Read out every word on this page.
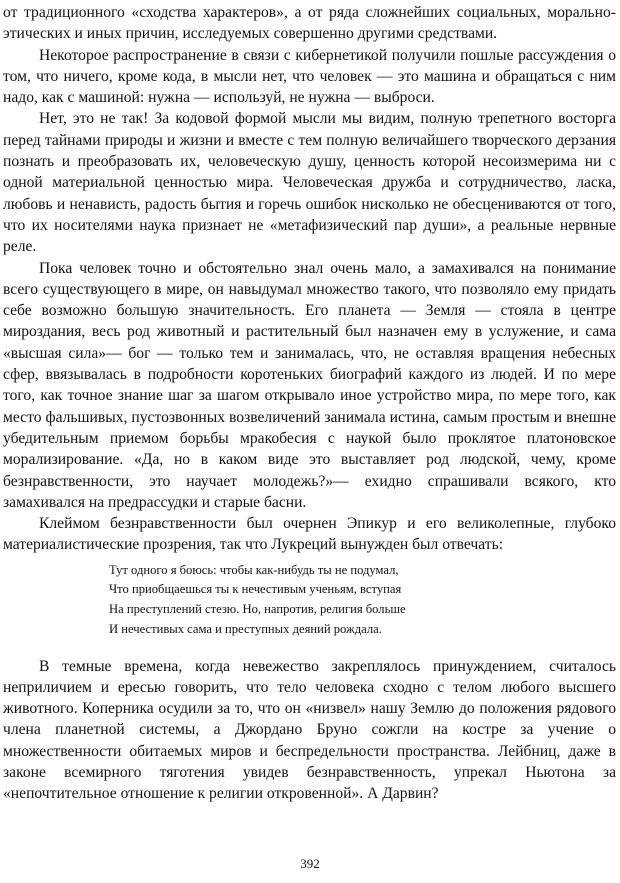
от традиционного «сходства характеров», а от ряда сложнейших социальных, морально-этических и иных причин, исследуемых совершенно другими средствами.

Некоторое распространение в связи с кибернетикой получили пошлые рассуждения о том, что ничего, кроме кода, в мысли нет, что человек — это машина и обращаться с ним надо, как с машиной: нужна — используй, не нужна — выброси.

Нет, это не так! За кодовой формой мысли мы видим, полную трепетного восторга перед тайнами природы и жизни и вместе с тем полную величайшего творческого дерзания познать и преобразовать их, человеческую душу, ценность которой несоизмерима ни с одной материальной ценностью мира. Человеческая дружба и сотрудничество, ласка, любовь и ненависть, радость бытия и горечь ошибок нисколько не обесцениваются от того, что их носителями наука признает не «метафизический пар души», а реальные нервные реле.

Пока человек точно и обстоятельно знал очень мало, а замахивался на понимание всего существующего в мире, он навыдумал множество такого, что позволяло ему придать себе возможно большую значительность. Его планета — Земля — стояла в центре мироздания, весь род животный и растительный был назначен ему в услужение, и сама «высшая сила»— бог — только тем и занималась, что, не оставляя вращения небесных сфер, ввязывалась в подробности коротеньких биографий каждого из людей. И по мере того, как точное знание шаг за шагом открывало иное устройство мира, по мере того, как место фальшивых, пустозвонных возвеличений занимала истина, самым простым и внешне убедительным приемом борьбы мракобесия с наукой было проклятое платоновское морализирование. «Да, но в каком виде это выставляет род людской, чему, кроме безнравственности, это научает молодежь?»— ехидно спрашивали всякого, кто замахивался на предрассудки и старые басни.

Клеймом безнравственности был очернен Эпикур и его великолепные, глубоко материалистические прозрения, так что Лукреций вынужден был отвечать:

Тут одного я боюсь: чтобы как-нибудь ты не подумал,
Что приобщаешься ты к нечестивым ученьям, вступая
На преступлений стезю. Но, напротив, религия больше
И нечестивых сама и преступных деяний рождала.

В темные времена, когда невежество закреплялось принуждением, считалось неприличием и ересью говорить, что тело человека сходно с телом любого высшего животного. Коперника осудили за то, что он «низвел» нашу Землю до положения рядового члена планетной системы, а Джордано Бруно сожгли на костре за учение о множественности обитаемых миров и беспредельности пространства. Лейбниц, даже в законе всемирного тяготения увидев безнравственность, упрекал Ньютона за «непочтительное отношение к религии откровенной». А Дарвин?

392
